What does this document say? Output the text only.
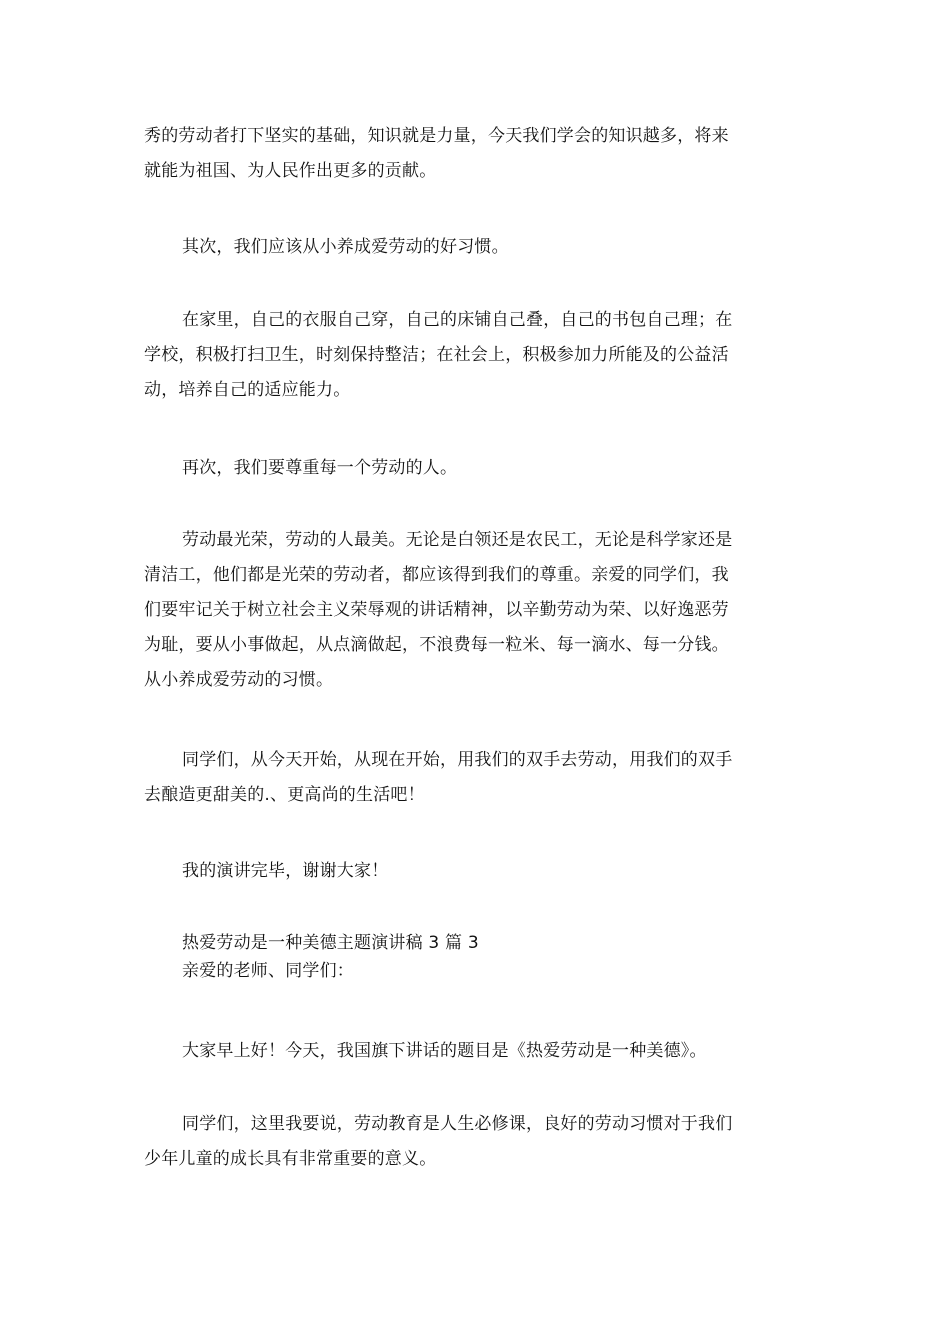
秀的劳动者打下坚实的基础，知识就是力量，今天我们学会的知识越多，将来
就能为祖国、为人民作出更多的贡献。
其次，我们应该从小养成爱劳动的好习惯。
在家里，自己的衣服自己穿，自己的床铺自己叠，自己的书包自己理；在
学校，积极打扫卫生，时刻保持整洁；在社会上，积极参加力所能及的公益活
动，培养自己的适应能力。
再次，我们要尊重每一个劳动的人。
劳动最光荣，劳动的人最美。无论是白领还是农民工，无论是科学家还是
清洁工，他们都是光荣的劳动者，都应该得到我们的尊重。亲爱的同学们，我
们要牢记关于树立社会主义荣辱观的讲话精神，以辛勤劳动为荣、以好逸恶劳
为耻，要从小事做起，从点滴做起，不浪费每一粒米、每一滴水、每一分钱。
从小养成爱劳动的习惯。
同学们，从今天开始，从现在开始，用我们的双手去劳动，用我们的双手
去酿造更甜美的.、更高尚的生活吧！
我的演讲完毕，谢谢大家！
热爱劳动是一种美德主题演讲稿 3 篇 3
亲爱的老师、同学们：
大家早上好！今天，我国旗下讲话的题目是《热爱劳动是一种美德》。
同学们，这里我要说，劳动教育是人生必修课，良好的劳动习惯对于我们
少年儿童的成长具有非常重要的意义。
